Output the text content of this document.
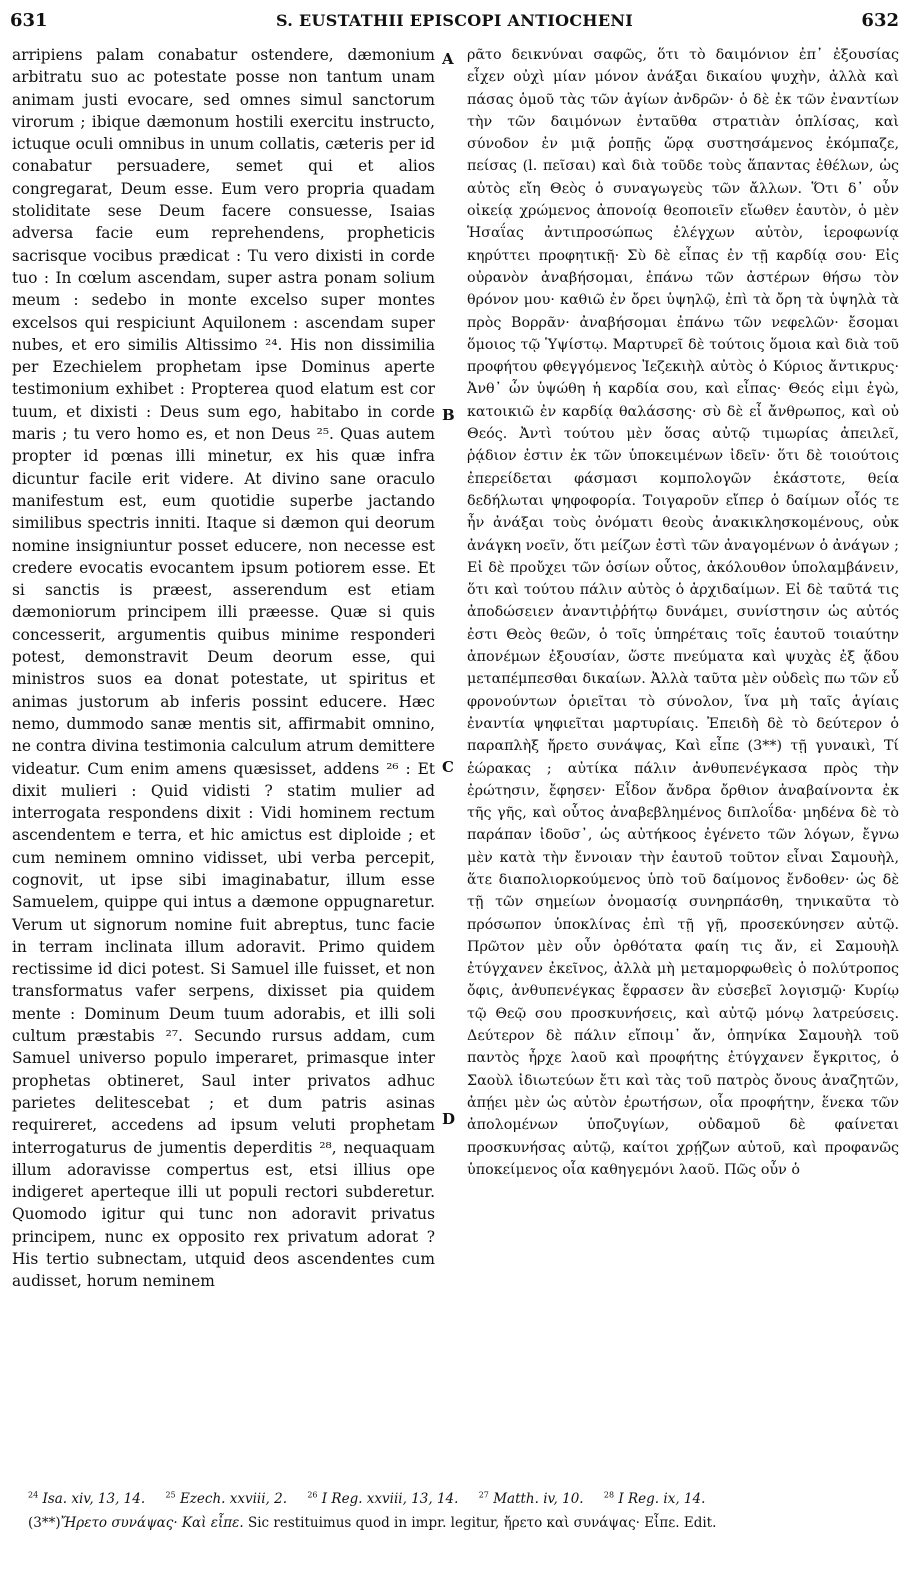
631	S. EUSTATHII EPISCOPI ANTIOCHENI	632

arripiens palam conabatur ostendere, dæmonium arbitratu suo ac potestate posse non tantum unam animam justi evocare, sed omnes simul sanctorum virorum ; ibique dæmonum hostili exercitu instructo, ictuque oculi omnibus in unum collatis, cæteris per id conabatur persuadere, semet qui et alios congregarat, Deum esse. Eum vero propria quadam stoliditate sese Deum facere consuesse, Isaias adversa facie eum reprehendens, propheticis sacrisque vocibus prædicat : Tu vero dixisti in corde tuo : In cœlum ascendam, super astra ponam solium meum : sedebo in monte excelso super montes excelsos qui respiciunt Aquilonem : ascendam super nubes, et ero similis Altissimo ²⁴. His non dissimilia per Ezechielem prophetam ipse Dominus aperte testimonium exhibet : Propterea quod elatum est cor tuum, et dixisti : Deus sum ego, habitabo in corde maris ; tu vero homo es, et non Deus ²⁵. Quas autem propter id pœnas illi minetur, ex his quæ infra dicuntur facile erit videre. At divino sane oraculo manifestum est, eum quotidie superbe jactando similibus spectris inniti. Itaque si dæmon qui deorum nomine insigniuntur posset educere, non necesse est credere evocatis evocantem ipsum potiorem esse. Et si sanctis is præest, asserendum est etiam dæmoniorum principem illi præesse. Quæ si quis concesserit, argumentis quibus minime responderi potest, demonstravit Deum deorum esse, qui ministros suos ea donat potestate, ut spiritus et animas justorum ab inferis possint educere. Hæc nemo, dummodo sanæ mentis sit, affirmabit omnino, ne contra divina testimonia calculum atrum demittere videatur. Cum enim amens quæsisset, addens ²⁶ : Et dixit mulieri : Quid vidisti ? statim mulier ad interrogata respondens dixit : Vidi hominem rectum ascendentem e terra, et hic amictus est diploide ; et cum neminem omnino vidisset, ubi verba percepit, cognovit, ut ipse sibi imaginabatur, illum esse Samuelem, quippe qui intus a dæmone oppugnaretur. Verum ut signorum nomine fuit abreptus, tunc facie in terram inclinata illum adoravit. Primo quidem rectissime id dici potest. Si Samuel ille fuisset, et non transformatus vafer serpens, dixisset pia quidem mente : Dominum Deum tuum adorabis, et illi soli cultum præstabis ²⁷. Secundo rursus addam, cum Samuel universo populo imperaret, primasque inter prophetas obtineret, Saul inter privatos adhuc parietes delitescebat ; et dum patris asinas requireret, accedens ad ipsum veluti prophetam interrogaturus de jumentis deperditis ²⁸, nequaquam illum adoravisse compertus est, etsi illius ope indigeret aperteque illi ut populi rectori subderetur. Quomodo igitur qui tunc non adoravit privatus principem, nunc ex opposito rex privatum adorat ? His tertio subnectam, utquid deos ascendentes cum audisset, horum neminem

A
B
C
D

ρᾶτο δεικνύναι σαφῶς, ὅτι τὸ δαιμόνιον ἐπ᾽ ἐξουσίας εἶχεν οὐχὶ μίαν μόνον ἀνάξαι δικαίου ψυχὴν, ἀλλὰ καὶ πάσας ὁμοῦ τὰς τῶν ἁγίων ἀνδρῶν· ὁ δὲ ἐκ τῶν ἐναντίων τὴν τῶν δαιμόνων ἐνταῦθα στρατιὰν ὁπλίσας, καὶ σύνοδον ἐν μιᾷ ῥοπῇς ὥρᾳ συστησάμενος ἐκόμπαζε, πείσας (l. πεῖσαι) καὶ διὰ τοῦδε τοὺς ἅπαντας ἐθέλων, ὡς αὐτὸς εἴη Θεὸς ὁ συναγωγεὺς τῶν ἄλλων. Ὅτι δ᾽ οὖν οἰκείᾳ χρώμενος ἀπονοίᾳ θεοποιεῖν εἴωθεν ἑαυτὸν, ὁ μὲν Ἡσαΐας ἀντιπροσώπως ἐλέγχων αὐτὸν, ἱεροφωνίᾳ κηρύττει προφητικῇ· Σὺ δὲ εἶπας ἐν τῇ καρδίᾳ σου· Εἰς οὐρανὸν ἀναβήσομαι, ἐπάνω τῶν ἀστέρων θήσω τὸν θρόνον μου· καθιῶ ἐν ὄρει ὑψηλῷ, ἐπὶ τὰ ὄρη τὰ ὑψηλὰ τὰ πρὸς Βορρᾶν· ἀναβήσομαι ἐπάνω τῶν νεφελῶν· ἔσομαι ὅμοιος τῷ Ὑψίστῳ. Μαρτυρεῖ δὲ τούτοις ὅμοια καὶ διὰ τοῦ προφήτου φθεγγόμενος Ἰεζεκιὴλ αὐτὸς ὁ Κύριος ἄντικρυς· Ἀνθ᾽ ὧν ὑψώθη ἡ καρδία σου, καὶ εἶπας· Θεός εἰμι ἐγὼ, κατοικιῶ ἐν καρδίᾳ θαλάσσης· σὺ δὲ εἶ ἄνθρωπος, καὶ οὐ Θεός. Ἀντὶ τούτου μὲν ὅσας αὐτῷ τιμωρίας ἀπειλεῖ, ῥᾴδιον ἐστιν ἐκ τῶν ὑποκειμένων ἰδεῖν· ὅτι δὲ τοιούτοις ἐπερείδεται φάσμασι κομπολογῶν ἑκάστοτε, θεία δεδήλωται ψηφοφορία. Τοιγαροῦν εἴπερ ὁ δαίμων οἷός τε ἦν ἀνάξαι τοὺς ὀνόματι θεοὺς ἀνακικλησκομένους, οὐκ ἀνάγκη νοεῖν, ὅτι μείζων ἐστὶ τῶν ἀναγομένων ὁ ἀνάγων ; Εἰ δὲ προὔχει τῶν ὁσίων οὗτος, ἀκόλουθον ὑπολαμβάνειν, ὅτι καὶ τούτου πάλιν αὐτὸς ὁ ἀρχιδαίμων. Εἰ δὲ ταῦτά τις ἀποδώσειεν ἀναντιῤῥήτῳ δυνάμει, συνίστησιν ὡς αὐτός ἐστι Θεὸς θεῶν, ὁ τοῖς ὑπηρέταις τοῖς ἑαυτοῦ τοιαύτην ἀπονέμων ἐξουσίαν, ὥστε πνεύματα καὶ ψυχὰς ἐξ ᾅδου μεταπέμπεσθαι δικαίων. Ἀλλὰ ταῦτα μὲν οὐδεὶς πω τῶν εὖ φρονούντων ὁριεῖται τὸ σύνολον, ἵνα μὴ ταῖς ἁγίαις ἐναντία ψηφιεῖται μαρτυρίαις. Ἐπειδὴ δὲ τὸ δεύτερον ὁ παραπλὴξ ἤρετο συνάψας, Καὶ εἶπε (3**) τῇ γυναικὶ, Τί ἑώρακας ; αὐτίκα πάλιν ἀνθυπενέγκασα πρὸς τὴν ἐρώτησιν, ἔφησεν· Εἶδον ἄνδρα ὄρθιον ἀναβαίνοντα ἐκ τῆς γῆς, καὶ οὗτος ἀναβεβλημένος διπλοΐδα· μηδένα δὲ τὸ παράπαν ἰδοῦσ᾽, ὡς αὐτήκοος ἐγένετο τῶν λόγων, ἔγνω μὲν κατὰ τὴν ἔννοιαν τὴν ἑαυτοῦ τοῦτον εἶναι Σαμουὴλ, ἅτε διαπολιορκούμενος ὑπὸ τοῦ δαίμονος ἔνδοθεν· ὡς δὲ τῇ τῶν σημείων ὀνομασίᾳ συνηρπάσθη, τηνικαῦτα τὸ πρόσωπον ὑποκλίνας ἐπὶ τῇ γῇ, προσεκύνησεν αὐτῷ. Πρῶτον μὲν οὖν ὀρθότατα φαίη τις ἄν, εἰ Σαμουὴλ ἐτύγχανεν ἐκεῖνος, ἀλλὰ μὴ μεταμορφωθεὶς ὁ πολύτροπος ὄφις, ἀνθυπενέγκας ἔφρασεν ἂν εὐσεβεῖ λογισμῷ· Κυρίῳ τῷ Θεῷ σου προσκυνήσεις, καὶ αὐτῷ μόνῳ λατρεύσεις. Δεύτερον δὲ πάλιν εἴποιμ᾽ ἄν, ὁπηνίκα Σαμουὴλ τοῦ παντὸς ἦρχε λαοῦ καὶ προφήτης ἐτύγχανεν ἔγκριτος, ὁ Σαοὺλ ἰδιωτεύων ἔτι καὶ τὰς τοῦ πατρὸς ὄνους ἀναζητῶν, ἀπῄει μὲν ὡς αὐτὸν ἐρωτήσων, οἷα προφήτην, ἕνεκα τῶν ἀπολομένων ὑποζυγίων, οὐδαμοῦ δὲ φαίνεται προσκυνήσας αὐτῷ, καίτοι χρῄζων αὐτοῦ, καὶ προφανῶς ὑποκείμενος οἷα καθηγεμόνι λαοῦ. Πῶς οὖν ὁ

$^{24}$ Isa. xiv, 13, 14.	$^{25}$ Ezech. xxviii, 2.	$^{26}$ I Reg. xxviii, 13, 14.	$^{27}$ Matth. iv, 10.	$^{28}$ I Reg. ix, 14.
(3**)Ἤρετο συνάψας· Καὶ εἶπε. Sic restituimus quod in impr. legitur, ἤρετο καὶ συνάψας· Εἶπε. Edit.
